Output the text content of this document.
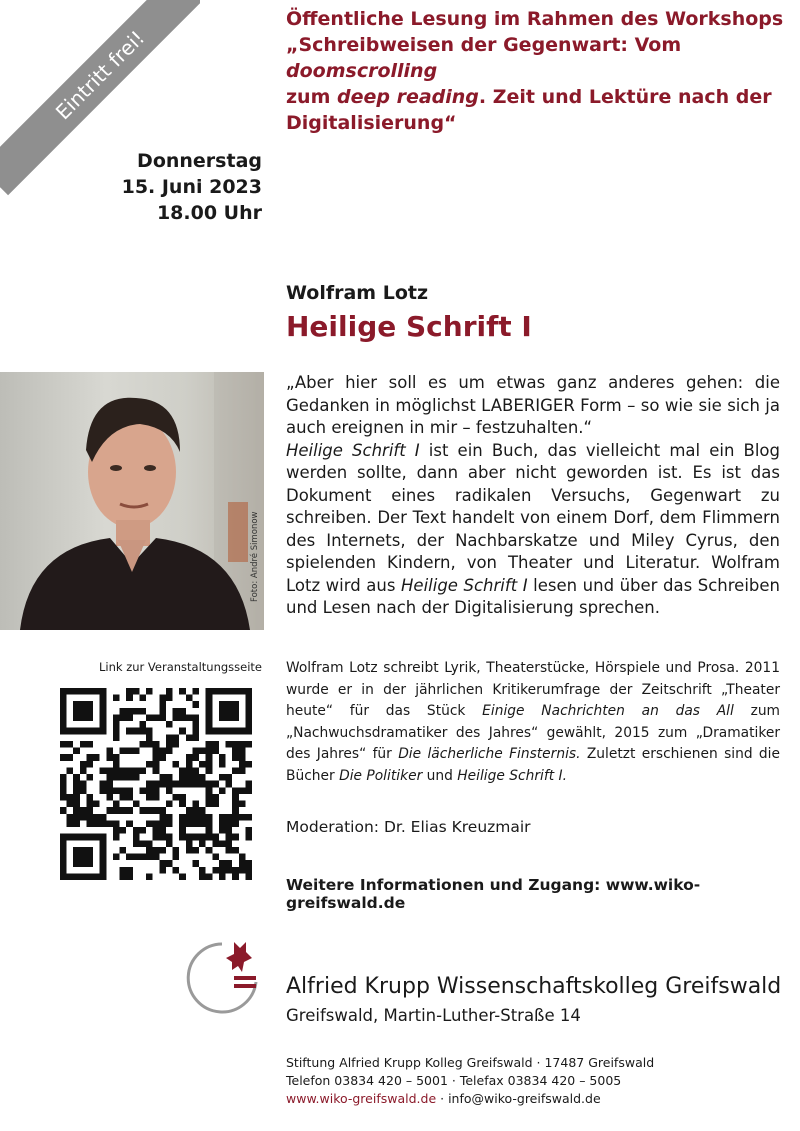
Eintritt frei!
Öffentliche Lesung im Rahmen des Workshops
„Schreibweisen der Gegenwart: Vom doomscrolling
zum deep reading. Zeit und Lektüre nach der
Digitalisierung“
Donnerstag
15. Juni 2023
18.00 Uhr
Wolfram Lotz
Heilige Schrift I
Foto: André Simonow
„Aber hier soll es um etwas ganz anderes gehen: die Gedanken in möglichst LABERIGER Form – so wie sie sich ja auch ereignen in mir – festzuhalten.“
Heilige Schrift I ist ein Buch, das vielleicht mal ein Blog werden sollte, dann aber nicht geworden ist. Es ist das Dokument eines radikalen Versuchs, Gegenwart zu schreiben. Der Text handelt von einem Dorf, dem Flimmern des Internets, der Nachbarskatze und Miley Cyrus, den spielenden Kindern, von Theater und Literatur. Wolfram Lotz wird aus Heilige Schrift I lesen und über das Schreiben und Lesen nach der Digitalisierung sprechen.
Link zur Veranstaltungsseite Wolfram Lotz schreibt Lyrik, Theaterstücke, Hörspiele und Prosa. 2011 wurde er in der jährlichen Kritikerumfrage der Zeitschrift „Theater heute“ für das Stück Einige Nachrichten an das All zum „Nachwuchsdramatiker des Jahres“ gewählt, 2015 zum „Dramatiker des Jahres“ für Die lächerliche Finsternis. Zuletzt erschienen sind die Bücher Die Politiker und Heilige Schrift I.
Moderation: Dr. Elias Kreuzmair
Weitere Informationen und Zugang: www.wiko-greifswald.de
Alfried Krupp Wissenschaftskolleg Greifswald
Greifswald, Martin-Luther-Straße 14
Stiftung Alfried Krupp Kolleg Greifswald · 17487 Greifswald
Telefon 03834 420 – 5001 · Telefax 03834 420 – 5005
www.wiko-greifswald.de · info@wiko-greifswald.de
